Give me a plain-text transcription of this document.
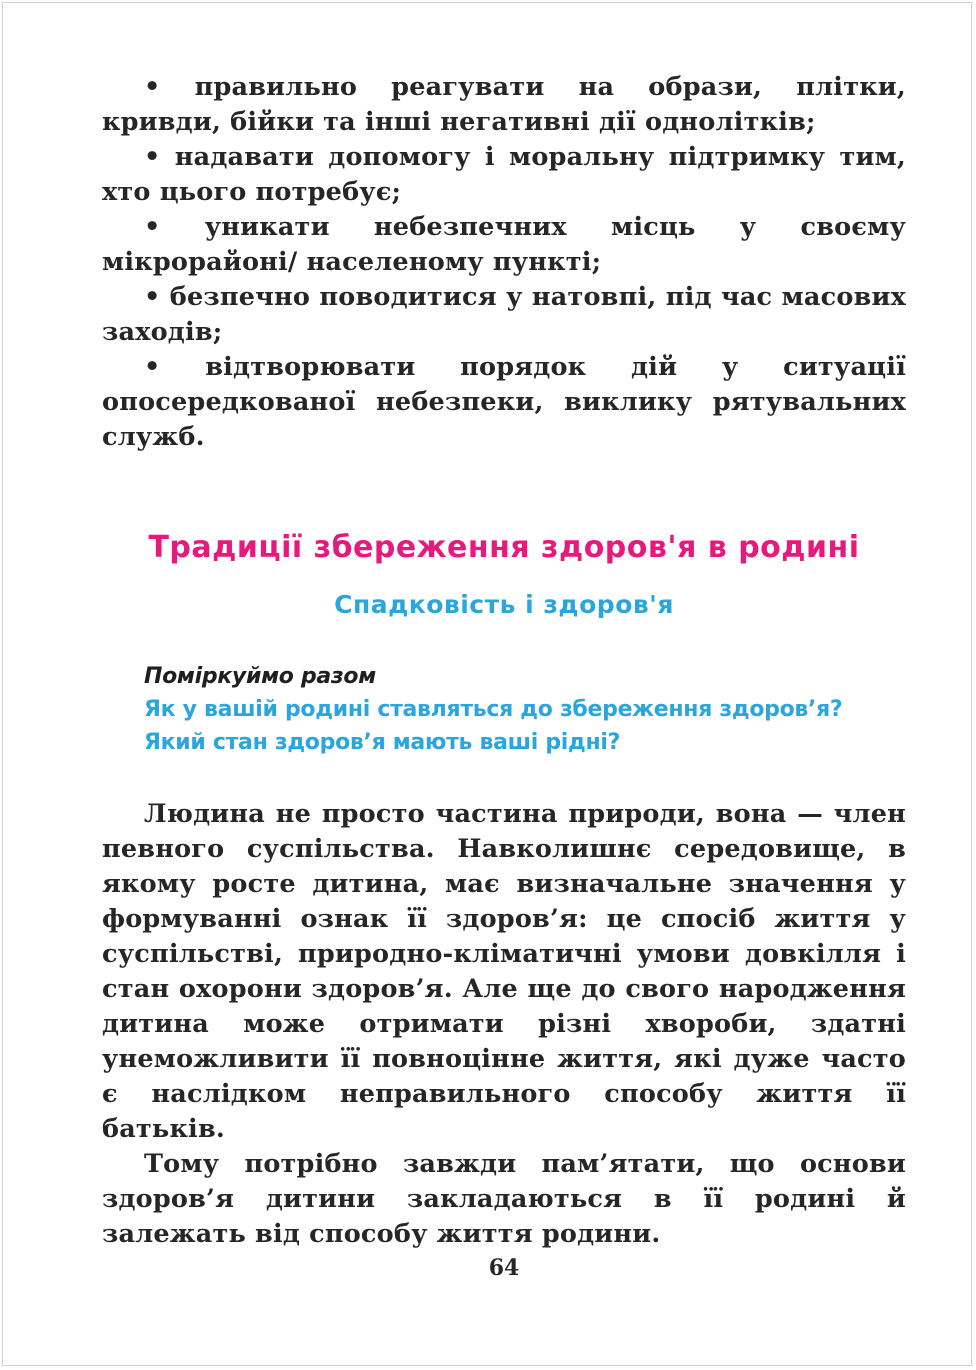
• правильно реагувати на образи, плітки, кривди, бійки та інші негативні дії однолітків;
• надавати допомогу і моральну підтримку тим, хто цього потребує;
• уникати небезпечних місць у своєму мікрорайоні/ населеному пункті;
• безпечно поводитися у натовпі, під час масових заходів;
• відтворювати порядок дій у ситуації опосередкованої небезпеки, виклику рятувальних служб.
Традиції збереження здоров'я в родині
Спадковість і здоров'я

Поміркуймо разом

Як у вашій родині ставляться до збереження здоров’я?

Який стан здоров’я мають ваші рідні?

Людина не просто частина природи, вона — член певного суспільства. Навколишнє середовище, в якому росте дитина, має визначальне значення у формуванні ознак її здоров’я: це спосіб життя у суспільстві, природно-кліматичні умови довкілля і стан охорони здоров’я. Але ще до свого народження дитина може отримати різні хвороби, здатні унеможливити її повноцінне життя, які дуже часто є наслідком неправильного способу життя її батьків.

Тому потрібно завжди пам’ятати, що основи здоров’я дитини закладаються в її родині й залежать від способу життя родини.

64
